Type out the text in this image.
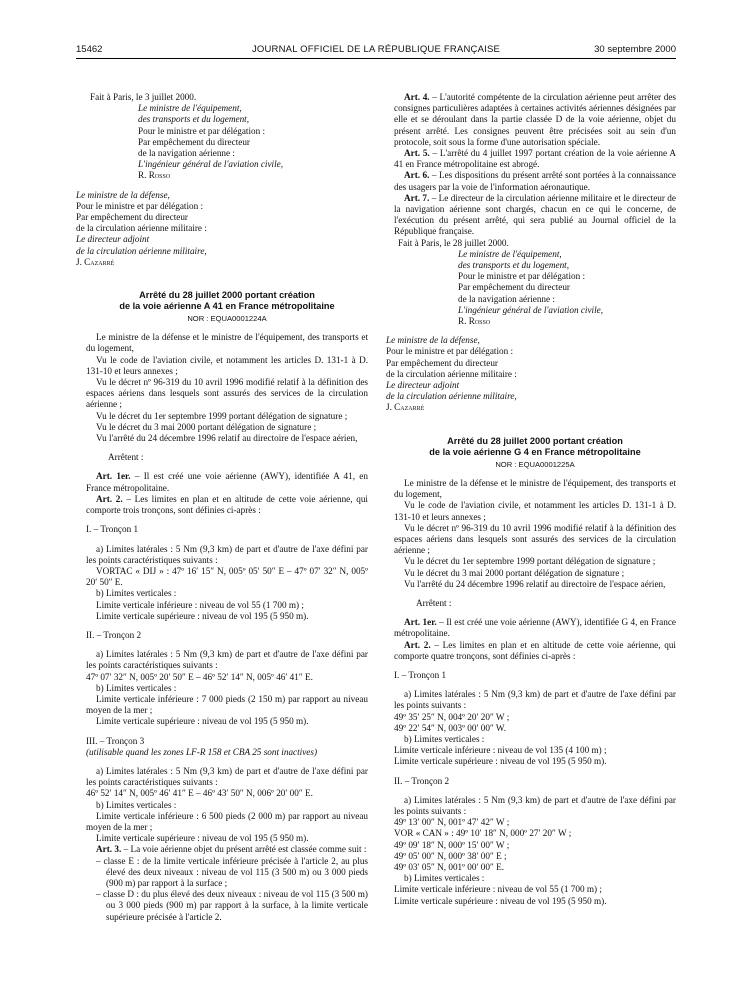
15462	JOURNAL OFFICIEL DE LA RÉPUBLIQUE FRANÇAISE	30 septembre 2000

Fait à Paris, le 3 juillet 2000.

Le ministre de l'équipement,

des transports et du logement,

Pour le ministre et par délégation :

Par empêchement du directeur

de la navigation aérienne :

L'ingénieur général de l'aviation civile,

R. Rosso

Le ministre de la défense,

Pour le ministre et par délégation :

Par empêchement du directeur

de la circulation aérienne militaire :

Le directeur adjoint

de la circulation aérienne militaire,

J. Cazarré

Arrêté du 28 juillet 2000 portant création
de la voie aérienne A 41 en France métropolitaine
NOR : EQUA0001224A

Le ministre de la défense et le ministre de l'équipement, des transports et du logement,

Vu le code de l'aviation civile, et notamment les articles D. 131-1 à D. 131-10 et leurs annexes ;

Vu le décret nº 96-319 du 10 avril 1996 modifié relatif à la définition des espaces aériens dans lesquels sont assurés des services de la circulation aérienne ;

Vu le décret du 1er septembre 1999 portant délégation de signature ;

Vu le décret du 3 mai 2000 portant délégation de signature ;

Vu l'arrêté du 24 décembre 1996 relatif au directoire de l'espace aérien,

Arrêtent :

Art. 1er. – Il est créé une voie aérienne (AWY), identifiée A 41, en France métropolitaine.

Art. 2. – Les limites en plan et en altitude de cette voie aérienne, qui comporte trois tronçons, sont définies ci-après :

I. – Tronçon 1

a) Limites latérales : 5 Nm (9,3 km) de part et d'autre de l'axe défini par les points caractéristiques suivants :

VORTAC « DIJ » : 47º 16′ 15″ N, 005º 05′ 50″ E – 47º 07′ 32″ N, 005º 20′ 50″ E.

b) Limites verticales :

Limite verticale inférieure : niveau de vol 55 (1 700 m) ;

Limite verticale supérieure : niveau de vol 195 (5 950 m).

II. – Tronçon 2

a) Limites latérales : 5 Nm (9,3 km) de part et d'autre de l'axe défini par les points caractéristiques suivants :

47º 07′ 32″ N, 005º 20′ 50″ E – 46º 52′ 14″ N, 005º 46′ 41″ E.

b) Limites verticales :

Limite verticale inférieure : 7 000 pieds (2 150 m) par rapport au niveau moyen de la mer ;

Limite verticale supérieure : niveau de vol 195 (5 950 m).

III. – Tronçon 3

(utilisable quand les zones LF-R 158 et CBA 25 sont inactives)

a) Limites latérales : 5 Nm (9,3 km) de part et d'autre de l'axe défini par les points caractéristiques suivants :

46º 52′ 14″ N, 005º 46′ 41″ E – 46º 43′ 50″ N, 006º 20′ 00″ E.

b) Limites verticales :

Limite verticale inférieure : 6 500 pieds (2 000 m) par rapport au niveau moyen de la mer ;

Limite verticale supérieure : niveau de vol 195 (5 950 m).

Art. 3. – La voie aérienne objet du présent arrêté est classée comme suit :

– classe E : de la limite verticale inférieure précisée à l'article 2, au plus élevé des deux niveaux : niveau de vol 115 (3 500 m) ou 3 000 pieds (900 m) par rapport à la surface ;

– classe D : du plus élevé des deux niveaux : niveau de vol 115 (3 500 m) ou 3 000 pieds (900 m) par rapport à la surface, à la limite verticale supérieure précisée à l'article 2.

Art. 4. – L'autorité compétente de la circulation aérienne peut arrêter des consignes particulières adaptées à certaines activités aériennes désignées par elle et se déroulant dans la partie classée D de la voie aérienne, objet du présent arrêté. Les consignes peuvent être précisées soit au sein d'un protocole, soit sous la forme d'une autorisation spéciale.

Art. 5. – L'arrêté du 4 juillet 1997 portant création de la voie aérienne A 41 en France métropolitaine est abrogé.

Art. 6. – Les dispositions du présent arrêté sont portées à la connaissance des usagers par la voie de l'information aéronautique.

Art. 7. – Le directeur de la circulation aérienne militaire et le directeur de la navigation aérienne sont chargés, chacun en ce qui le concerne, de l'exécution du présent arrêté, qui sera publié au Journal officiel de la République française.

Fait à Paris, le 28 juillet 2000.

Le ministre de l'équipement,

des transports et du logement,

Pour le ministre et par délégation :

Par empêchement du directeur

de la navigation aérienne :

L'ingénieur général de l'aviation civile,

R. Rosso

Le ministre de la défense,

Pour le ministre et par délégation :

Par empêchement du directeur

de la circulation aérienne militaire :

Le directeur adjoint

de la circulation aérienne militaire,

J. Cazarré

Arrêté du 28 juillet 2000 portant création
de la voie aérienne G 4 en France métropolitaine
NOR : EQUA0001225A

Le ministre de la défense et le ministre de l'équipement, des transports et du logement,

Vu le code de l'aviation civile, et notamment les articles D. 131-1 à D. 131-10 et leurs annexes ;

Vu le décret nº 96-319 du 10 avril 1996 modifié relatif à la définition des espaces aériens dans lesquels sont assurés des services de la circulation aérienne ;

Vu le décret du 1er septembre 1999 portant délégation de signature ;

Vu le décret du 3 mai 2000 portant délégation de signature ;

Vu l'arrêté du 24 décembre 1996 relatif au directoire de l'espace aérien,

Arrêtent :

Art. 1er. – Il est créé une voie aérienne (AWY), identifiée G 4, en France métropolitaine.

Art. 2. – Les limites en plan et en altitude de cette voie aérienne, qui comporte quatre tronçons, sont définies ci-après :

I. – Tronçon 1

a) Limites latérales : 5 Nm (9,3 km) de part et d'autre de l'axe défini par les points suivants :

49º 35′ 25″ N, 004º 20′ 20″ W ;

49º 22′ 54″ N, 003º 00′ 00″ W.

b) Limites verticales :

Limite verticale inférieure : niveau de vol 135 (4 100 m) ;

Limite verticale supérieure : niveau de vol 195 (5 950 m).

II. – Tronçon 2

a) Limites latérales : 5 Nm (9,3 km) de part et d'autre de l'axe défini par les points suivants :

49º 13′ 00″ N, 001º 47′ 42″ W ;

VOR « CAN » : 49º 10′ 18″ N, 000º 27′ 20″ W ;

49º 09′ 18″ N, 000º 15′ 00″ W ;

49º 05′ 00″ N, 000º 38′ 00″ E ;

49º 03′ 05″ N, 001º 00′ 00″ E.

b) Limites verticales :

Limite verticale inférieure : niveau de vol 55 (1 700 m) ;

Limite verticale supérieure : niveau de vol 195 (5 950 m).
